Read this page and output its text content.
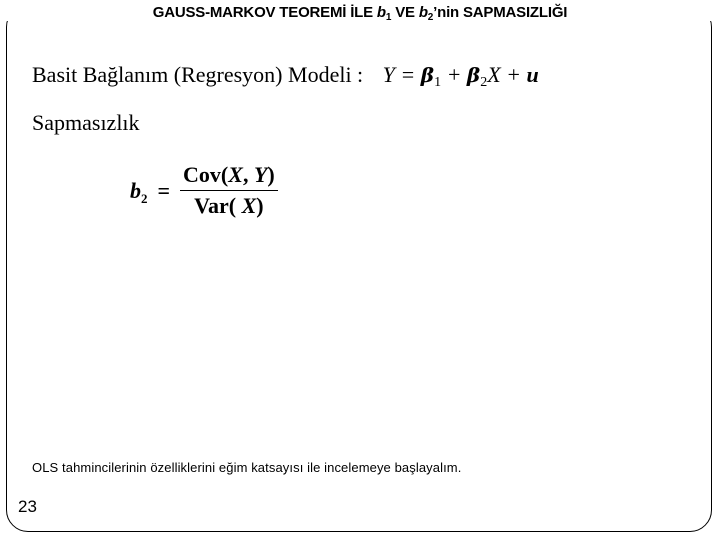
GAUSS-MARKOV TEOREMİ İLE $b_1$ VE $b_2’nin$ SAPMASIZLIĞI
Basit Bağlanım (Regresyon) Modeli : $Y = \beta_1 + \beta_2X + u$
Sapmasızlık
$b_2 = \frac{\text{Cov(X, Y)}}{\text{Var( X)}}$
OLS tahmincilerinin özelliklerini eğim katsayısı ile incelemeye başlayalım.
23
